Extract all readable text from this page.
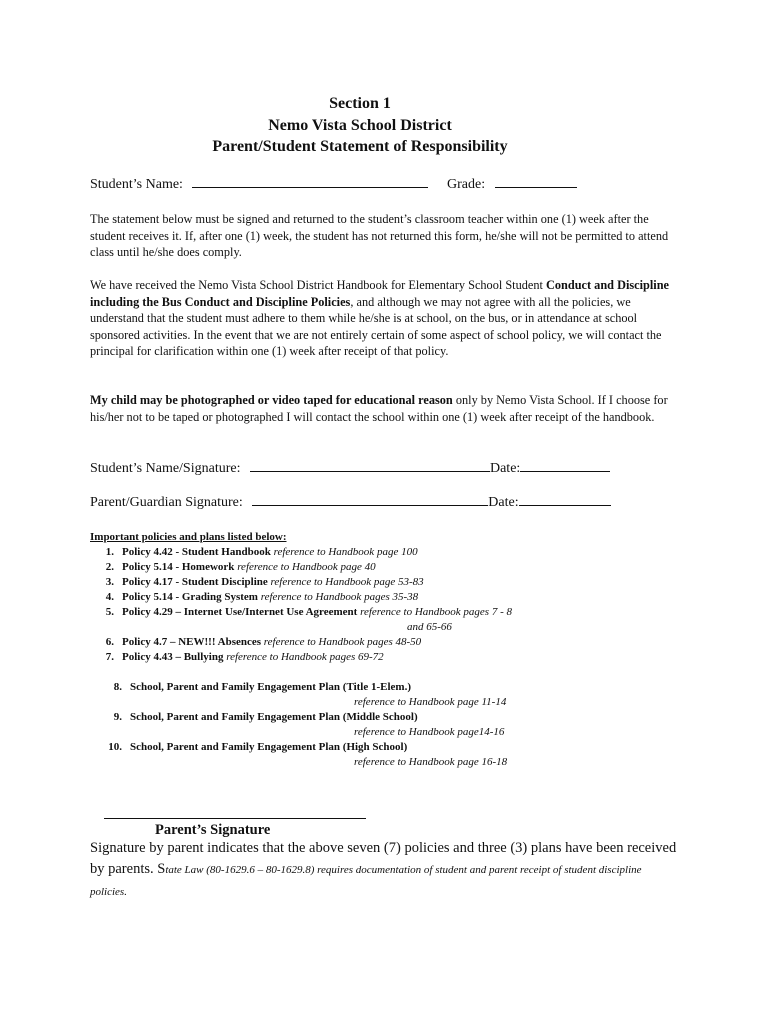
Section 1
Nemo Vista School District
Parent/Student Statement of Responsibility
Student’s Name:	Grade:
The statement below must be signed and returned to the student’s classroom teacher within one (1) week after the student receives it. If, after one (1) week, the student has not returned this form, he/she will not be permitted to attend class until he/she does comply.
We have received the Nemo Vista School District Handbook for Elementary School Student Conduct and Discipline including the Bus Conduct and Discipline Policies, and although we may not agree with all the policies, we understand that the student must adhere to them while he/she is at school, on the bus, or in attendance at school sponsored activities. In the event that we are not entirely certain of some aspect of school policy, we will contact the principal for clarification within one (1) week after receipt of that policy.
My child may be photographed or video taped for educational reason only by Nemo Vista School. If I choose for his/her not to be taped or photographed I will contact the school within one (1) week after receipt of the handbook.
Student’s Name/Signature:	Date:
Parent/Guardian Signature:	Date:
Important policies and plans listed below:
1. Policy 4.42 - Student Handbook reference to Handbook page 100
2. Policy 5.14 - Homework reference to Handbook page 40
3. Policy 4.17 - Student Discipline reference to Handbook page 53-83
4. Policy 5.14 - Grading System reference to Handbook pages 35-38
5. Policy 4.29 – Internet Use/Internet Use Agreement reference to Handbook pages 7 - 8
and 65-66
6. Policy 4.7 – NEW!!! Absences reference to Handbook pages 48-50
7. Policy 4.43 – Bullying reference to Handbook pages 69-72
8. School, Parent and Family Engagement Plan (Title 1-Elem.)
reference to Handbook page 11-14
9. School, Parent and Family Engagement Plan (Middle School)
reference to Handbook page14-16
10. School, Parent and Family Engagement Plan (High School)
reference to Handbook page 16-18
Parent’s Signature
Signature by parent indicates that the above seven (7) policies and three (3) plans have been received by parents. State Law (80-1629.6 – 80-1629.8) requires documentation of student and parent receipt of student discipline policies.
